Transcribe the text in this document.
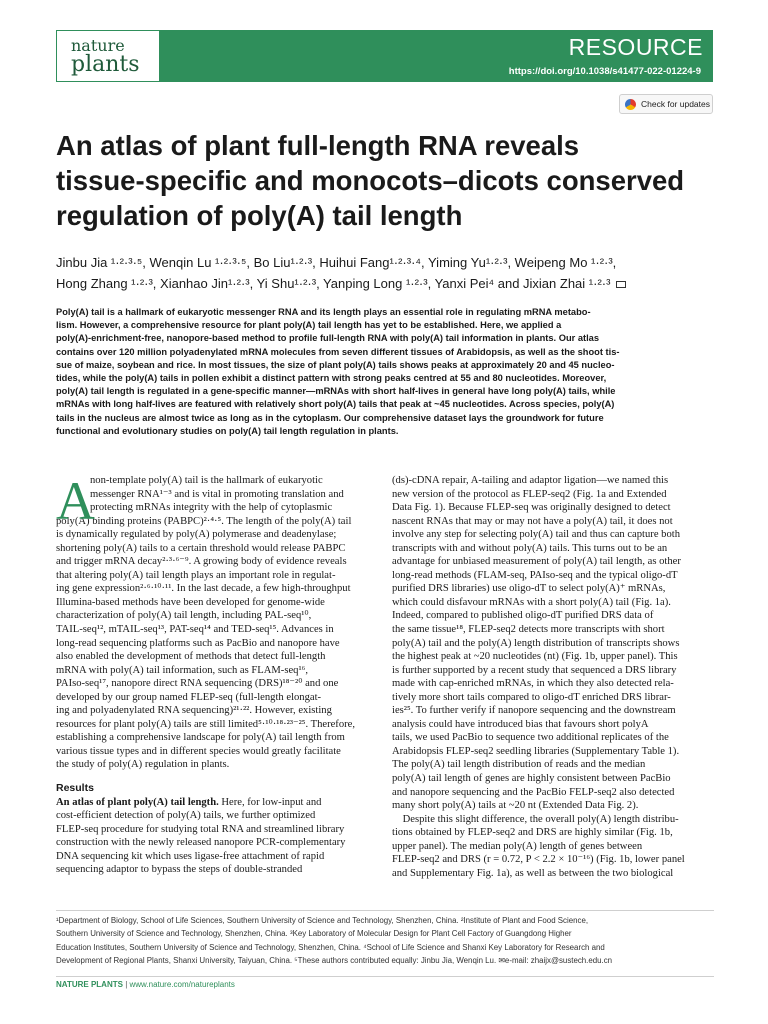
nature
plants
RESOURCE
https://doi.org/10.1038/s41477-022-01224-9
Check for updates
An atlas of plant full-length RNA reveals
tissue-specific and monocots–dicots conserved
regulation of poly(A) tail length
Jinbu Jia ¹·²·³·⁵, Wenqin Lu ¹·²·³·⁵, Bo Liu¹·²·³, Huihui Fang¹·²·³·⁴, Yiming Yu¹·²·³, Weipeng Mo ¹·²·³,
Hong Zhang ¹·²·³, Xianhao Jin¹·²·³, Yi Shu¹·²·³, Yanping Long ¹·²·³, Yanxi Pei⁴ and Jixian Zhai ¹·²·³
Poly(A) tail is a hallmark of eukaryotic messenger RNA and its length plays an essential role in regulating mRNA metabo-
lism. However, a comprehensive resource for plant poly(A) tail length has yet to be established. Here, we applied a
poly(A)-enrichment-free, nanopore-based method to profile full-length RNA with poly(A) tail information in plants. Our atlas
contains over 120 million polyadenylated mRNA molecules from seven different tissues of Arabidopsis, as well as the shoot tis-
sue of maize, soybean and rice. In most tissues, the size of plant poly(A) tails shows peaks at approximately 20 and 45 nucleo-
tides, while the poly(A) tails in pollen exhibit a distinct pattern with strong peaks centred at 55 and 80 nucleotides. Moreover,
poly(A) tail length is regulated in a gene-specific manner—mRNAs with short half-lives in general have long poly(A) tails, while
mRNAs with long half-lives are featured with relatively short poly(A) tails that peak at ~45 nucleotides. Across species, poly(A)
tails in the nucleus are almost twice as long as in the cytoplasm. Our comprehensive dataset lays the groundwork for future
functional and evolutionary studies on poly(A) tail length regulation in plants.
A
non-template poly(A) tail is the hallmark of eukaryotic
messenger RNA¹⁻³ and is vital in promoting translation and
protecting mRNAs integrity with the help of cytoplasmic
poly(A) binding proteins (PABPC)²·⁴·⁵. The length of the poly(A) tail
is dynamically regulated by poly(A) polymerase and deadenylase;
shortening poly(A) tails to a certain threshold would release PABPC
and trigger mRNA decay²·³·⁶⁻⁹. A growing body of evidence reveals
that altering poly(A) tail length plays an important role in regulat-
ing gene expression²·⁶·¹⁰·¹¹. In the last decade, a few high-throughput
Illumina-based methods have been developed for genome-wide
characterization of poly(A) tail length, including PAL-seq¹⁰,
TAIL-seq¹², mTAIL-seq¹³, PAT-seq¹⁴ and TED-seq¹⁵. Advances in
long-read sequencing platforms such as PacBio and nanopore have
also enabled the development of methods that detect full-length
mRNA with poly(A) tail information, such as FLAM-seq¹⁶,
PAIso-seq¹⁷, nanopore direct RNA sequencing (DRS)¹⁸⁻²⁰ and one
developed by our group named FLEP-seq (full-length elongat-
ing and polyadenylated RNA sequencing)²¹·²². However, existing
resources for plant poly(A) tails are still limited⁵·¹⁰·¹⁸·²³⁻²⁵. Therefore,
establishing a comprehensive landscape for poly(A) tail length from
various tissue types and in different species would greatly facilitate
the study of poly(A) regulation in plants.
Results
An atlas of plant poly(A) tail length. Here, for low-input and
cost-efficient detection of poly(A) tails, we further optimized
FLEP-seq procedure for studying total RNA and streamlined library
construction with the newly released nanopore PCR-complementary
DNA sequencing kit which uses ligase-free attachment of rapid
sequencing adaptor to bypass the steps of double-stranded
(ds)-cDNA repair, A-tailing and adaptor ligation—we named this
new version of the protocol as FLEP-seq2 (Fig. 1a and Extended
Data Fig. 1). Because FLEP-seq was originally designed to detect
nascent RNAs that may or may not have a poly(A) tail, it does not
involve any step for selecting poly(A) tail and thus can capture both
transcripts with and without poly(A) tails. This turns out to be an
advantage for unbiased measurement of poly(A) tail length, as other
long-read methods (FLAM-seq, PAIso-seq and the typical oligo-dT
purified DRS libraries) use oligo-dT to select poly(A)⁺ mRNAs,
which could disfavour mRNAs with a short poly(A) tail (Fig. 1a).
Indeed, compared to published oligo-dT purified DRS data of
the same tissue¹⁸, FLEP-seq2 detects more transcripts with short
poly(A) tail and the poly(A) length distribution of transcripts shows
the highest peak at ~20 nucleotides (nt) (Fig. 1b, upper panel). This
is further supported by a recent study that sequenced a DRS library
made with cap-enriched mRNAs, in which they also detected rela-
tively more short tails compared to oligo-dT enriched DRS librar-
ies²⁵. To further verify if nanopore sequencing and the downstream
analysis could have introduced bias that favours short polyA
tails, we used PacBio to sequence two additional replicates of the
Arabidopsis FLEP-seq2 seedling libraries (Supplementary Table 1).
The poly(A) tail length distribution of reads and the median
poly(A) tail length of genes are highly consistent between PacBio
and nanopore sequencing and the PacBio FELP-seq2 also detected
many short poly(A) tails at ~20 nt (Extended Data Fig. 2).
Despite this slight difference, the overall poly(A) length distribu-
tions obtained by FLEP-seq2 and DRS are highly similar (Fig. 1b,
upper panel). The median poly(A) length of genes between
FLEP-seq2 and DRS (r = 0.72, P < 2.2 × 10⁻¹⁶) (Fig. 1b, lower panel
and Supplementary Fig. 1a), as well as between the two biological
¹Department of Biology, School of Life Sciences, Southern University of Science and Technology, Shenzhen, China. ²Institute of Plant and Food Science,
Southern University of Science and Technology, Shenzhen, China. ³Key Laboratory of Molecular Design for Plant Cell Factory of Guangdong Higher
Education Institutes, Southern University of Science and Technology, Shenzhen, China. ⁴School of Life Science and Shanxi Key Laboratory for Research and
Development of Regional Plants, Shanxi University, Taiyuan, China. ⁵These authors contributed equally: Jinbu Jia, Wenqin Lu. ✉e-mail: zhaijx@sustech.edu.cn
NATURE PLANTS | www.nature.com/natureplants
